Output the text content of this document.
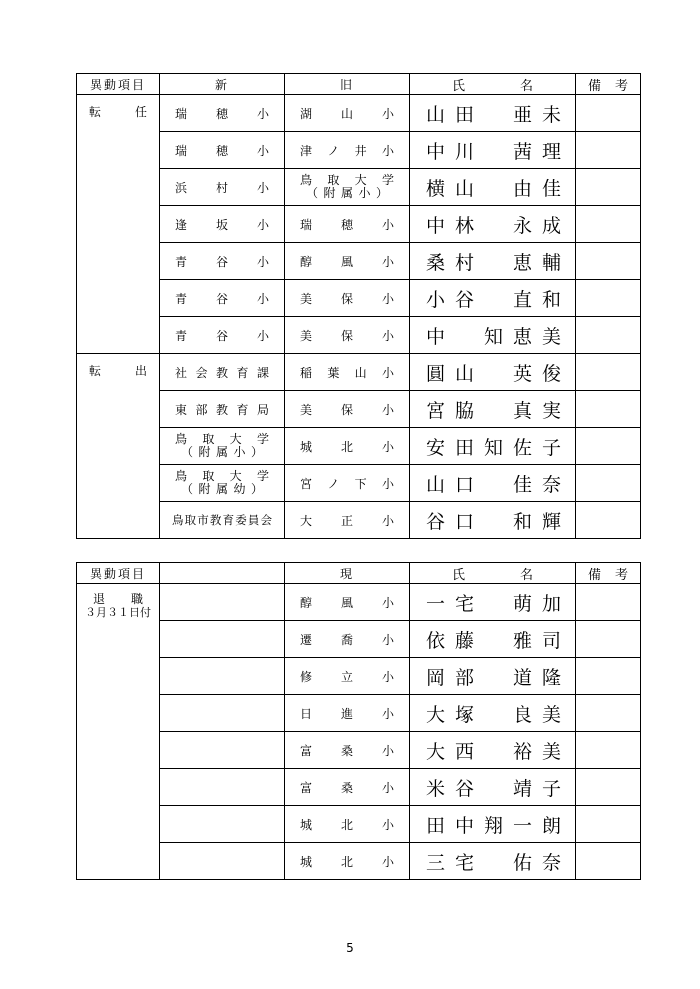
異動項目	新	旧	氏 名	備 考

転 任	瑞　穂　小	湖　山　小	山田　亜未	

	瑞　穂　小	津ノ井小	中川　茜理	

	浜　村　小	鳥取大学
（附属小）	横山　由佳	

	逢　坂　小	瑞　穂　小	中林　永成	

	青　谷　小	醇　風　小	桑村　恵輔	

	青　谷　小	美　保　小	小谷　直和	

	青　谷　小	美　保　小	中　知恵美	

転 出	社会教育課	稲葉山小	圓山　英俊	

	東部教育局	美　保　小	宮脇　真実	

	鳥取大学
（附属小）	城　北　小	安田知佐子	

	鳥取大学
（附属幼）	宮ノ下小	山口　佳奈	

	鳥取市教育委員会	大　正　小	谷口　和輝	

異動項目		現	氏 名	備 考

退 職
３月３１日付		醇　風　小	一宅　萌加	

		遷　喬　小	依藤　雅司	

		修　立　小	岡部　道隆	

		日　進　小	大塚　良美	

		富　桑　小	大西　裕美	

		富　桑　小	米谷　靖子	

		城　北　小	田中翔一朗	

		城　北　小	三宅　佑奈	

5
